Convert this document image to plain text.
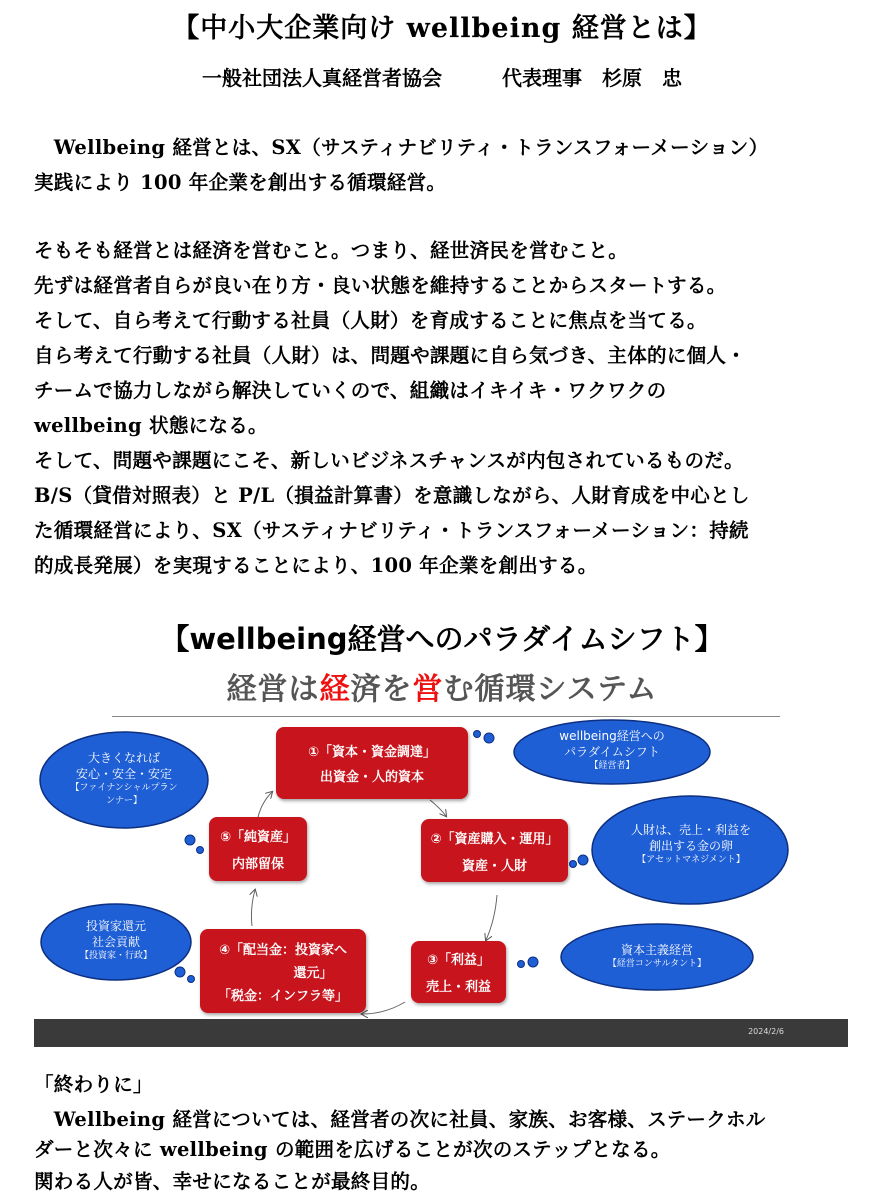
【中小大企業向け wellbeing 経営とは】
一般社団法人真経営者協会　　　	代表理事　杉原　忠
　Wellbeing 経営とは、SX（サスティナビリティ・トランスフォーメーション）
実践により 100 年企業を創出する循環経営。
そもそも経営とは経済を営むこと。つまり、経世済民を営むこと。
先ずは経営者自らが良い在り方・良い状態を維持することからスタートする。
そして、自ら考えて行動する社員（人財）を育成することに焦点を当てる。
自ら考えて行動する社員（人財）は、問題や課題に自ら気づき、主体的に個人・
チームで協力しながら解決していくので、組織はイキイキ・ワクワクの
wellbeing 状態になる。
そして、問題や課題にこそ、新しいビジネスチャンスが内包されているものだ。
B/S（貸借対照表）と P/L（損益計算書）を意識しながら、人財育成を中心とし
た循環経営により、SX（サスティナビリティ・トランスフォーメーション：持続
的成長発展）を実現することにより、100 年企業を創出する。
【wellbeing経営へのパラダイムシフト】
経営は経済を営む循環システム
①「資本・資金調達」
出資金・人的資本
②「資産購入・運用」
資産・人財
③「利益」
売上・利益
④「配当金：投資家へ
還元」
「税金：インフラ等」
⑤「純資産」
内部留保
wellbeing経営への
パラダイムシフト
【経営者】
大きくなれば
安心・安全・安定
【ファイナンシャルプラン
ンナー】
人財は、売上・利益を
創出する金の卵
【アセットマネジメント】
資本主義経営
【経営コンサルタント】
投資家還元
社会貢献
【投資家・行政】
2024/2/6
「終わりに」
　Wellbeing 経営については、経営者の次に社員、家族、お客様、ステークホル
ダーと次々に wellbeing の範囲を広げることが次のステップとなる。
関わる人が皆、幸せになることが最終目的。
